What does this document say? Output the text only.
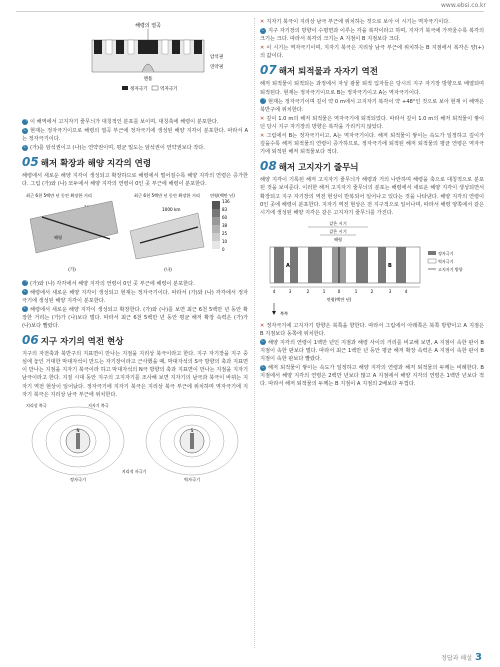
www.ebsi.co.kr
해령의 열곡
맨틀
암석권
연약권
정자극기	역자극기

ㄱ 이 해역에서 고지자기 줄무늬가 대칭적인 분포를 보이며, 대칭축에 해령이 분포한다.

ㄴ 현재는 정자극기이므로 해령의 열곡 부근에 정자극기에 생성된 해양 지각이 분포한다. 따라서 A는 정자극기이다.

ㄷ (가)를 암석권이고 (나)는 연약권이며, 평균 밀도는 암석권이 연약권보다 작다.

05 해저 확장과 해양 지각의 연령

해령에서 새로운 해양 지각이 생성되고 확장하므로 해령에서 멀어질수록 해양 지각의 연령은 증가한다. 그림 (가)와 (나) 모두에서 해양 지각의 연령이 0인 곳 부근에 해령이 분포한다.

최근 6천 5백만 년 동안 확장한 거리
해령
(가)
최근 6천 5백만 년 동안 확장한 거리
1000 km
(나)
연령(백만 년)
136
83
60
38
25
10
0

ㄱ (가)와 (나) 각각에서 해양 지각의 연령이 0인 곳 부근에 해령이 분포한다.

ㄴ 해령에서 새로운 해양 지각이 생성되고 현재는 정자극기이다. 따라서 (가)와 (나) 각각에서 정자극기에 생성된 해양 지각이 분포한다.

ㄷ 해령에서 새로운 해양 지각이 생성되고 확장한다. (가)와 (나)를 보면 최근 6천 5백만 년 동안 확장한 거리는 (가)가 (나)보다 멀다. 따라서 최근 6천 5백만 년 동안 평균 해저 확장 속력은 (가)가 (나)보다 빨랐다.

06 지구 자기의 역전 현상

지구의 자전축과 북반구의 지표면이 만나는 지점을 지리상 북극이라고 한다. 지구 자기장을 지구 중심에 놓인 거대한 막대자석이 만드는 자기장이라고 근사했을 때, 막대자석의 S극 방향의 축과 지표면이 만나는 지점을 지자기 북극이라 하고 막대자석의 N극 방향의 축과 지표면이 만나는 지점을 지자기 남극이라고 한다. 지질 시대 동안 지구의 고지자기를 조사해 보면 지자기의 남극과 북극이 바뀌는 지자기 역전 현상이 일어났다. 정자극기에 지자기 북극은 지리상 북극 부근에 위치하며 역자극기에 지자기 북극은 지리상 남극 부근에 위치한다.

N
지리상 북극	지자기 북극
정자극기
S
지리적 자극기
역자극기

✕ 지자기 북극이 지리상 남극 부근에 위치하는 것으로 보아 이 시기는 역자극기이다.

ㄴ 지구 자기장의 방향이 수평면과 이루는 각을 복각이라고 하며, 지자기 북극에 가까울수록 복각의 크기는 크다. 따라서 복각의 크기는 A 지점이 B 지점보다 크다.

✕ 이 시기는 역자극기이며, 지자기 북극은 지리상 남극 부근에 위치하는 B 지점에서 복각은 양(+)의 값이다.

07 해저 퇴적물과 자자기 역전

해저 퇴적물이 퇴적되는 과정에서 자성 광물 퇴적 입자들은 당시의 지구 자기장 방향으로 배열되며 퇴적된다. 현재는 정자극기이므로 B는 정자극기이고 A는 역자극기이다.

ㄱ 현재는 정자극기이며 깊이 약 0 m에서 고지자기 복각이 약 +48°인 것으로 보아 현재 이 해역은 북반구에 위치한다.

✕ 깊이 1.0 m의 해저 퇴적물은 역자극기에 퇴적되었다. 따라서 깊이 1.0 m의 해저 퇴적물이 쌓이던 당시 지구 자기장의 방향은 복각을 가리키지 않았다.

✕ 그림에서 B는 정자극기이고, A는 역자극기이다. 해저 퇴적물이 쌓이는 속도가 일정하고 깊이가 깊을수록 해저 퇴적물의 연령이 증가하므로, 정자극기에 퇴적된 해저 퇴적물의 평균 연령은 역자극기에 퇴적된 해저 퇴적물보다 적다.

08 해저 고지자기 줄무늬

해양 지각이 기록된 해저 고지자기 줄무늬가 해령과 거의 나란하며 해령을 축으로 대칭적으로 분포된 것을 보여준다. 이러한 해저 고지자기 줄무늬의 분포는 해령에서 새로운 해양 지각이 생성되면서 확장되고 지구 자기장의 역전 현상이 반복되어 일어나고 있다는 것을 나타낸다. 해양 지각의 연령이 0인 곳에 해령이 분포한다. 지자기 역전 현상은 전 지구적으로 일어나며, 따라서 해령 양쪽에서 같은 시기에 생성된 해양 지각은 같은 고지자기 줄무늬를 가진다.

같은 시기
같은 시기
해령
A	B
정자극기
역자극기
고지자기 방향
4	3	2	1	0	1	2	3	4
연령(백만 년)
북쪽

✕ 정자극기에 고지자기 방향은 북쪽을 향한다. 따라서 그림에서 아래쪽은 북쪽 방향이고 A 지점은 B 지점보다 동쪽에 위치한다.

ㄴ 해양 지각의 연령이 1백만 년인 지점과 해령 사이의 거리를 비교해 보면, A 지점이 속한 판이 B 지점이 속한 판보다 멀다. 따라서 최근 1백만 년 동안 평균 해저 확장 속력은 A 지점이 속한 판이 B 지점이 속한 판보다 빨랐다.

ㄷ 해저 퇴적물이 쌓이는 속도가 일정하고 해양 지각의 연령과 해저 퇴적물의 두께는 비례한다. B 지점에서 해양 지각의 연령은 2백만 년보다 많고 A 지점에서 해양 지각의 연령은 1백만 년보다 적다. 따라서 해저 퇴적물의 두께는 B 지점이 A 지점의 2배보다 두껍다.

정답과 해설 3
